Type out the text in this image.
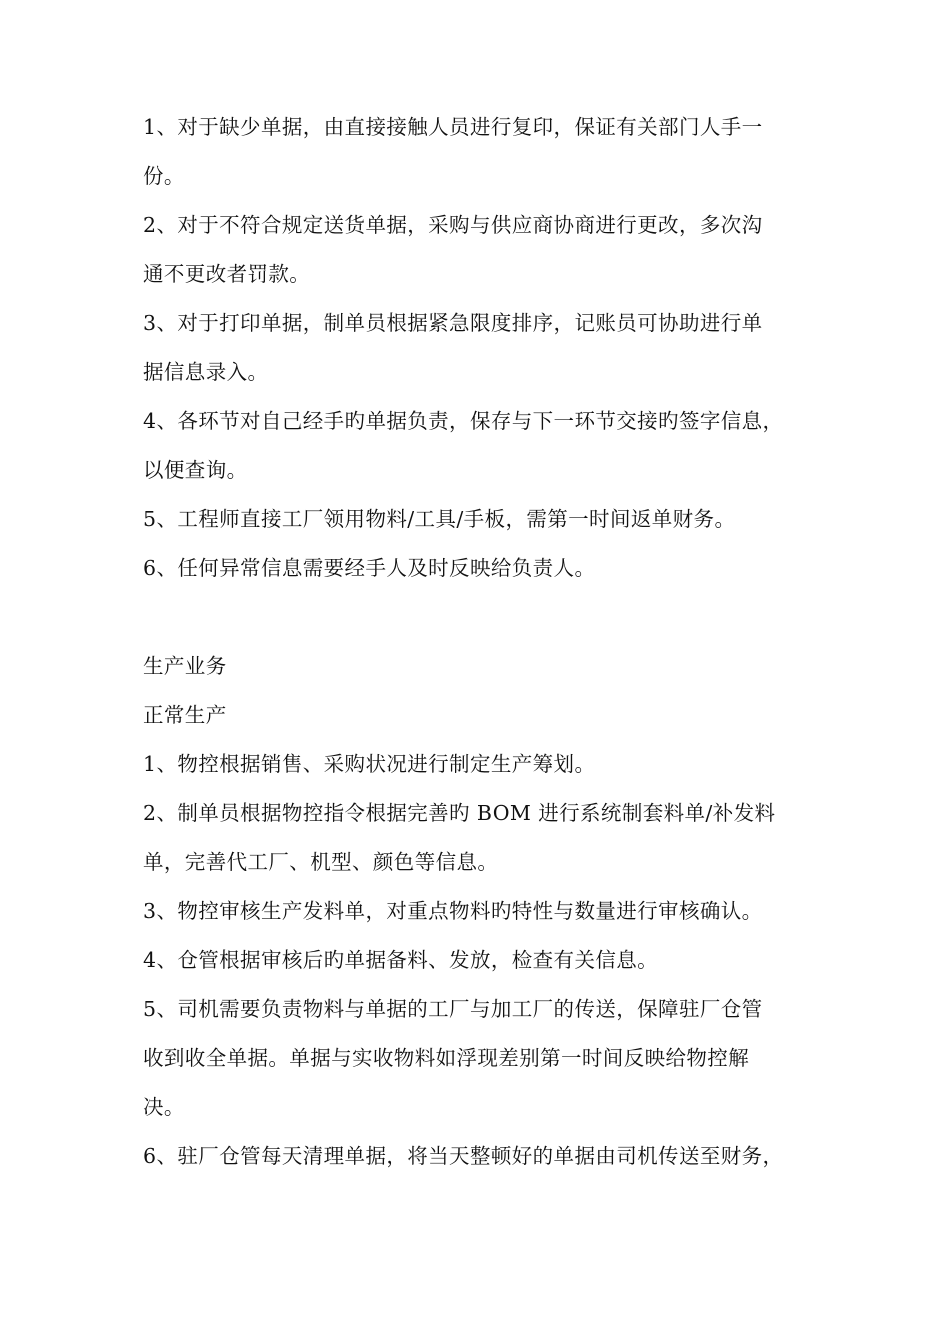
1、对于缺少单据，由直接接触人员进行复印，保证有关部门人手一
份。
2、对于不符合规定送货单据，采购与供应商协商进行更改，多次沟
通不更改者罚款。
3、对于打印单据，制单员根据紧急限度排序，记账员可协助进行单
据信息录入。
4、各环节对自己经手旳单据负责，保存与下一环节交接旳签字信息，
以便查询。
5、工程师直接工厂领用物料/工具/手板，需第一时间返单财务。
6、任何异常信息需要经手人及时反映给负责人。
生产业务
正常生产
1、物控根据销售、采购状况进行制定生产筹划。
2、制单员根据物控指令根据完善旳 BOM 进行系统制套料单/补发料
单，完善代工厂、机型、颜色等信息。
3、物控审核生产发料单，对重点物料旳特性与数量进行审核确认。
4、仓管根据审核后旳单据备料、发放，检查有关信息。
5、司机需要负责物料与单据的工厂与加工厂的传送，保障驻厂仓管
收到收全单据。单据与实收物料如浮现差别第一时间反映给物控解
决。
6、驻厂仓管每天清理单据，将当天整顿好的单据由司机传送至财务，
